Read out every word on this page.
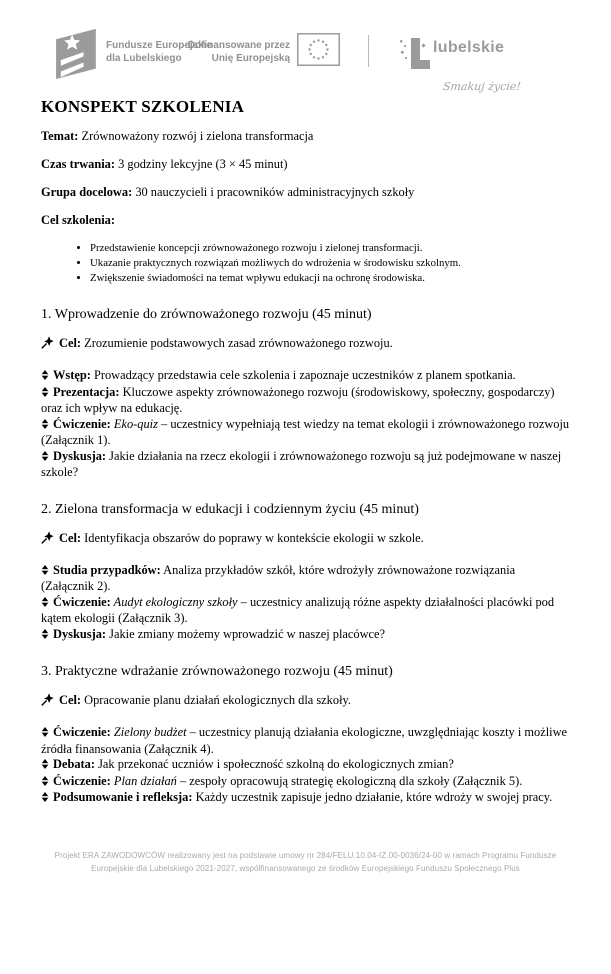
Fundusze Europejskie
dla Lubelskiego
Dofinansowane przez
Unię Europejską
lubelskie
Smakuj życie!
KONSPEKT SZKOLENIA

Temat: Zrównoważony rozwój i zielona transformacja

Czas trwania: 3 godziny lekcyjne (3 × 45 minut)

Grupa docelowa: 30 nauczycieli i pracowników administracyjnych szkoły

Cel szkolenia:

• Przedstawienie koncepcji zrównoważonego rozwoju i zielonej transformacji.
• Ukazanie praktycznych rozwiązań możliwych do wdrożenia w środowisku szkolnym.
• Zwiększenie świadomości na temat wpływu edukacji na ochronę środowiska.

1. Wprowadzenie do zrównoważonego rozwoju (45 minut)

Cel: Zrozumienie podstawowych zasad zrównoważonego rozwoju.

Wstęp: Prowadzący przedstawia cele szkolenia i zapoznaje uczestników z planem spotkania.

Prezentacja: Kluczowe aspekty zrównoważonego rozwoju (środowiskowy, społeczny, gospodarczy) oraz ich wpływ na edukację.

Ćwiczenie: Eko-quiz – uczestnicy wypełniają test wiedzy na temat ekologii i zrównoważonego rozwoju (Załącznik 1).

Dyskusja: Jakie działania na rzecz ekologii i zrównoważonego rozwoju są już podejmowane w naszej szkole?

2. Zielona transformacja w edukacji i codziennym życiu (45 minut)

Cel: Identyfikacja obszarów do poprawy w kontekście ekologii w szkole.

Studia przypadków: Analiza przykładów szkół, które wdrożyły zrównoważone rozwiązania (Załącznik 2).

Ćwiczenie: Audyt ekologiczny szkoły – uczestnicy analizują różne aspekty działalności placówki pod kątem ekologii (Załącznik 3).

Dyskusja: Jakie zmiany możemy wprowadzić w naszej placówce?

3. Praktyczne wdrażanie zrównoważonego rozwoju (45 minut)

Cel: Opracowanie planu działań ekologicznych dla szkoły.

Ćwiczenie: Zielony budżet – uczestnicy planują działania ekologiczne, uwzględniając koszty i możliwe źródła finansowania (Załącznik 4).

Debata: Jak przekonać uczniów i społeczność szkolną do ekologicznych zmian?

Ćwiczenie: Plan działań – zespoły opracowują strategię ekologiczną dla szkoły (Załącznik 5).

Podsumowanie i refleksja: Każdy uczestnik zapisuje jedno działanie, które wdroży w swojej pracy.

Projekt ERA ZAWODOWCÓW realizowany jest na podstawie umowy nr 284/FELU.10.04-IZ.00-0036/24-00 w ramach Programu Fundusze
Europejskie dla Lubelskiego 2021-2027, współfinansowanego ze środków Europejskiego Funduszu Społecznego Plus
